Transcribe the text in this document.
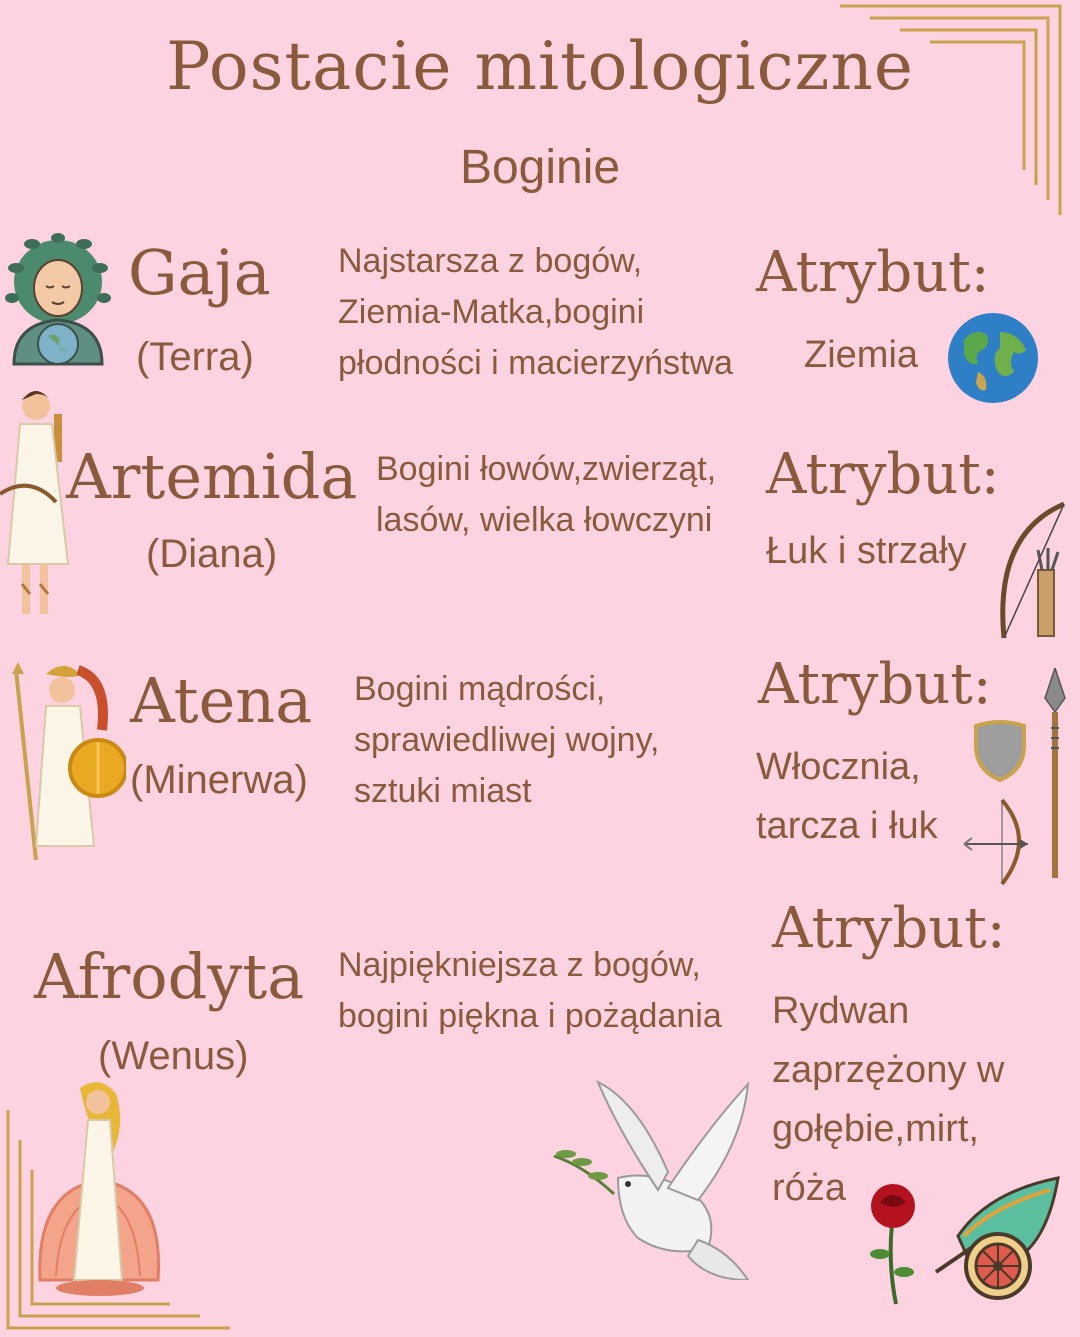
Postacie mitologiczne
Boginie
Gaja
(Terra)
Najstarsza z bogów,
Ziemia-Matka,bogini
płodności i macierzyństwa
Atrybut:
Ziemia
Artemida
(Diana)
Bogini łowów,zwierząt,
lasów, wielka łowczyni
Atrybut:
Łuk i strzały
Atena
(Minerwa)
Bogini mądrości,
sprawiedliwej wojny,
sztuki miast
Atrybut:
Włocznia,
tarcza i łuk
Afrodyta
(Wenus)
Najpiękniejsza z bogów,
bogini piękna i pożądania
Atrybut:
Rydwan
zaprzężony w
gołębie,mirt,
róża
